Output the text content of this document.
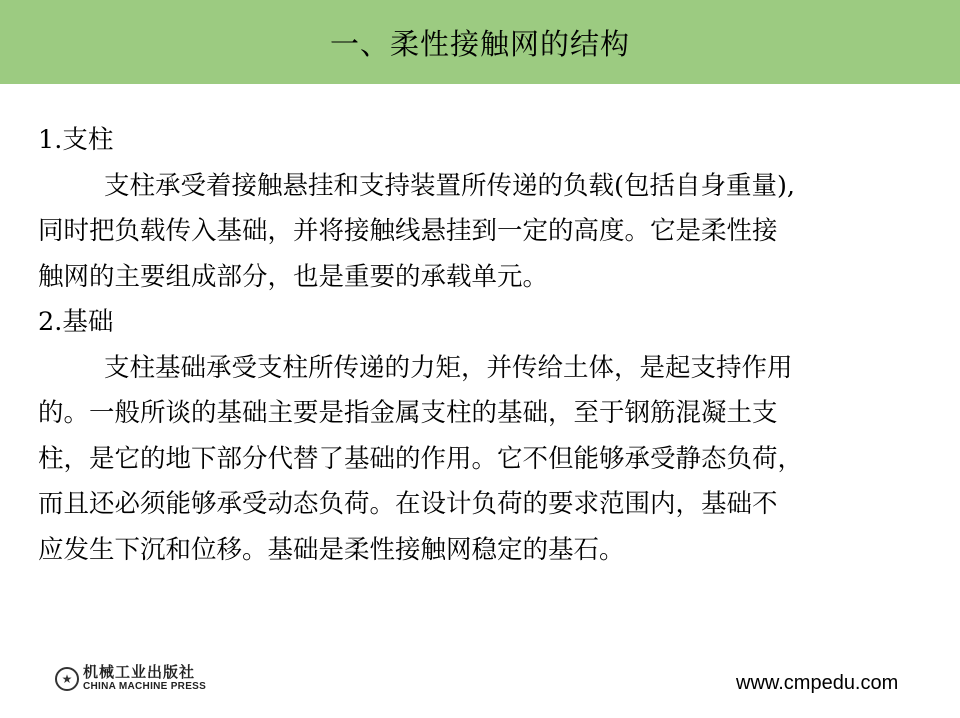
一、柔性接触网的结构
1.支柱
支柱承受着接触悬挂和支持装置所传递的负载(包括自身重量),
同时把负载传入基础，并将接触线悬挂到一定的高度。它是柔性接
触网的主要组成部分，也是重要的承载单元。
2.基础
支柱基础承受支柱所传递的力矩，并传给土体，是起支持作用
的。一般所谈的基础主要是指金属支柱的基础，至于钢筋混凝土支
柱，是它的地下部分代替了基础的作用。它不但能够承受静态负荷，
而且还必须能够承受动态负荷。在设计负荷的要求范围内，基础不
应发生下沉和位移。基础是柔性接触网稳定的基石。
★ 机械工业出版社
CHINA MACHINE PRESS	www.cmpedu.com
